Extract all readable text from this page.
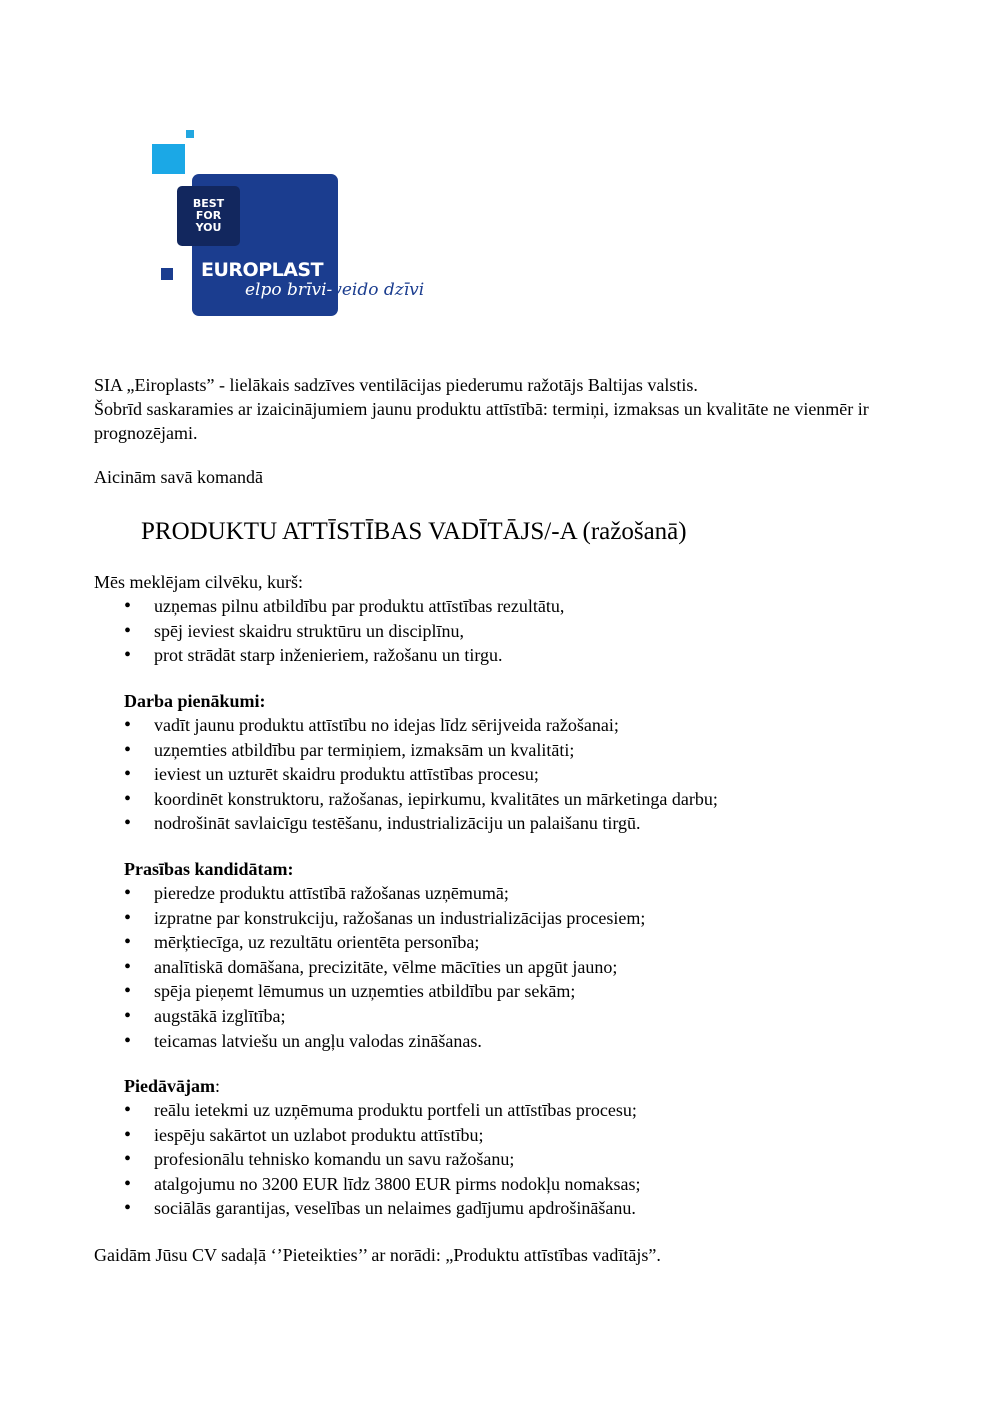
BEST
FOR
YOU
EUROPLAST
elpo brīvi-veido dzīvi
SIA „Eiroplasts” - lielākais sadzīves ventilācijas piederumu ražotājs Baltijas valstis.
Šobrīd saskaramies ar izaicinājumiem jaunu produktu attīstībā: termiņi, izmaksas un kvalitāte ne vienmēr ir prognozējami.
Aicinām savā komandā
PRODUKTU ATTĪSTĪBAS VADĪTĀJS/-A (ražošanā)
Mēs meklējam cilvēku, kurš:
• uzņemas pilnu atbildību par produktu attīstības rezultātu,
• spēj ieviest skaidru struktūru un disciplīnu,
• prot strādāt starp inženieriem, ražošanu un tirgu.
Darba pienākumi:
• vadīt jaunu produktu attīstību no idejas līdz sērijveida ražošanai;
• uzņemties atbildību par termiņiem, izmaksām un kvalitāti;
• ieviest un uzturēt skaidru produktu attīstības procesu;
• koordinēt konstruktoru, ražošanas, iepirkumu, kvalitātes un mārketinga darbu;
• nodrošināt savlaicīgu testēšanu, industrializāciju un palaišanu tirgū.
Prasības kandidātam:
• pieredze produktu attīstībā ražošanas uzņēmumā;
• izpratne par konstrukciju, ražošanas un industrializācijas procesiem;
• mērķtiecīga, uz rezultātu orientēta personība;
• analītiskā domāšana, precizitāte, vēlme mācīties un apgūt jauno;
• spēja pieņemt lēmumus un uzņemties atbildību par sekām;
• augstākā izglītība;
• teicamas latviešu un angļu valodas zināšanas.
Piedāvājam:
• reālu ietekmi uz uzņēmuma produktu portfeli un attīstības procesu;
• iespēju sakārtot un uzlabot produktu attīstību;
• profesionālu tehnisko komandu un savu ražošanu;
• atalgojumu no 3200 EUR līdz 3800 EUR pirms nodokļu nomaksas;
• sociālās garantijas, veselības un nelaimes gadījumu apdrošināšanu.
Gaidām Jūsu CV sadaļā ‘’Pieteikties’’ ar norādi: „Produktu attīstības vadītājs”.
